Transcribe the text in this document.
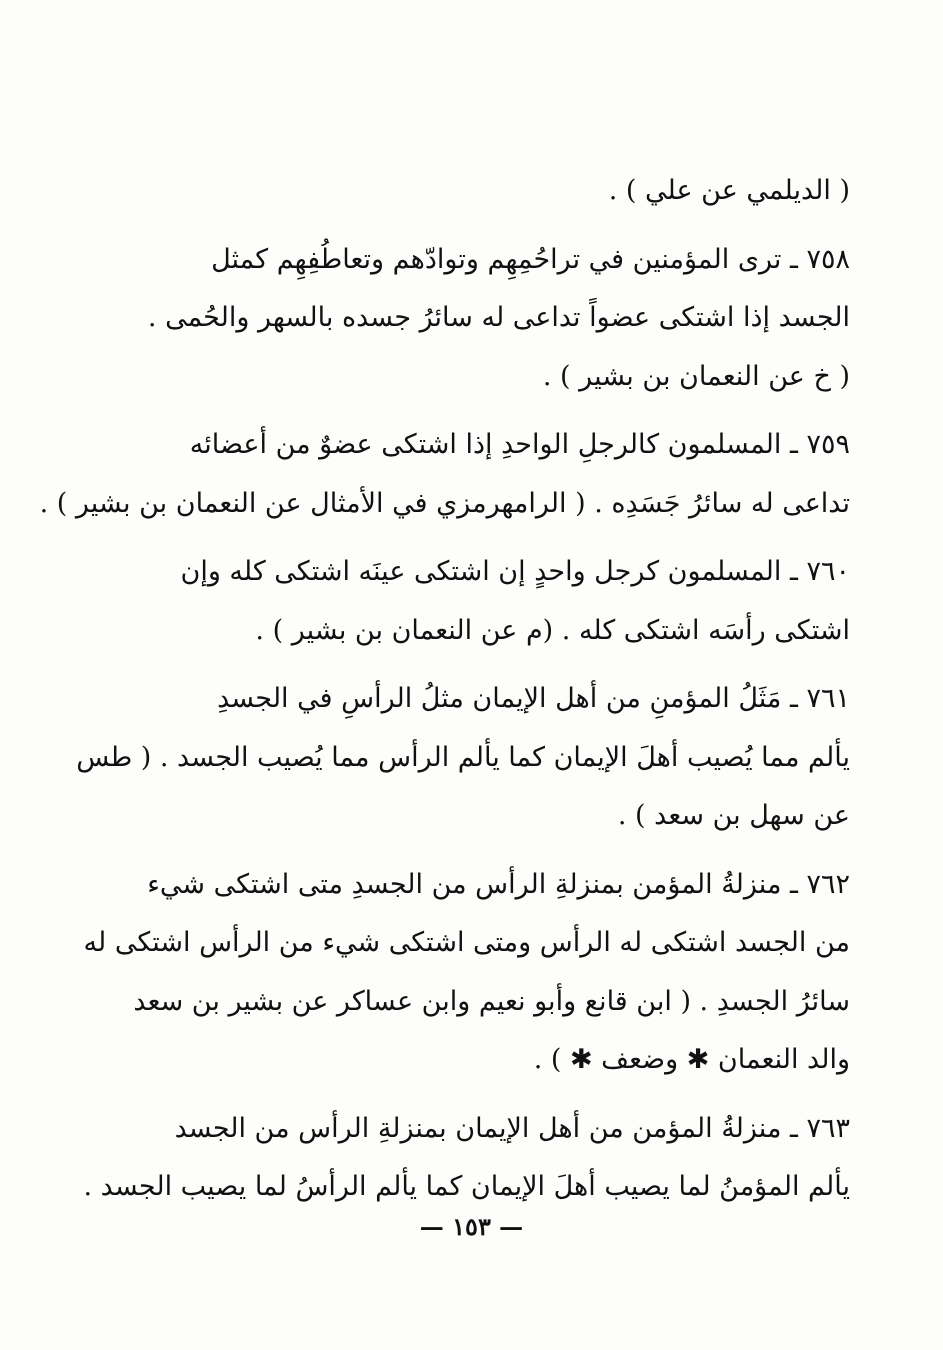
( الديلمي عن علي ) .

٧٥٨ ـ ترى المؤمنين في تراحُمِهِم وتوادّهم وتعاطُفِهِم كمثل
الجسد إذا اشتكى عضواً تداعى له سائرُ جسده بالسهر والحُمى .
( خ عن النعمان بن بشير ) .

٧٥٩ ـ المسلمون كالرجلِ الواحدِ إذا اشتكى عضوٌ من أعضائه
تداعى له سائرُ جَسَدِه . ( الرامهرمزي في الأمثال عن النعمان بن بشير ) .

٧٦٠ ـ المسلمون كرجل واحدٍ إن اشتكى عينَه اشتكى كله وإن
اشتكى رأسَه اشتكى كله . (م عن النعمان بن بشير ) .

٧٦١ ـ مَثَلُ المؤمنِ من أهل الإيمان مثلُ الرأسِ في الجسدِ
يألم مما يُصيب أهلَ الإيمان كما يألم الرأس مما يُصيب الجسد . ( طس
عن سهل بن سعد ) .

٧٦٢ ـ منزلةُ المؤمن بمنزلةِ الرأس من الجسدِ متى اشتكى شيء
من الجسد اشتكى له الرأس ومتى اشتكى شيء من الرأس اشتكى له
سائرُ الجسدِ . ( ابن قانع وأبو نعيم وابن عساكر عن بشير بن سعد
والد النعمان ✱ وضعف ✱ ) .

٧٦٣ ـ منزلةُ المؤمن من أهل الإيمان بمنزلةِ الرأس من الجسد
يألم المؤمنُ لما يصيب أهلَ الإيمان كما يألم الرأسُ لما يصيب الجسد .

— ١٥٣ —
